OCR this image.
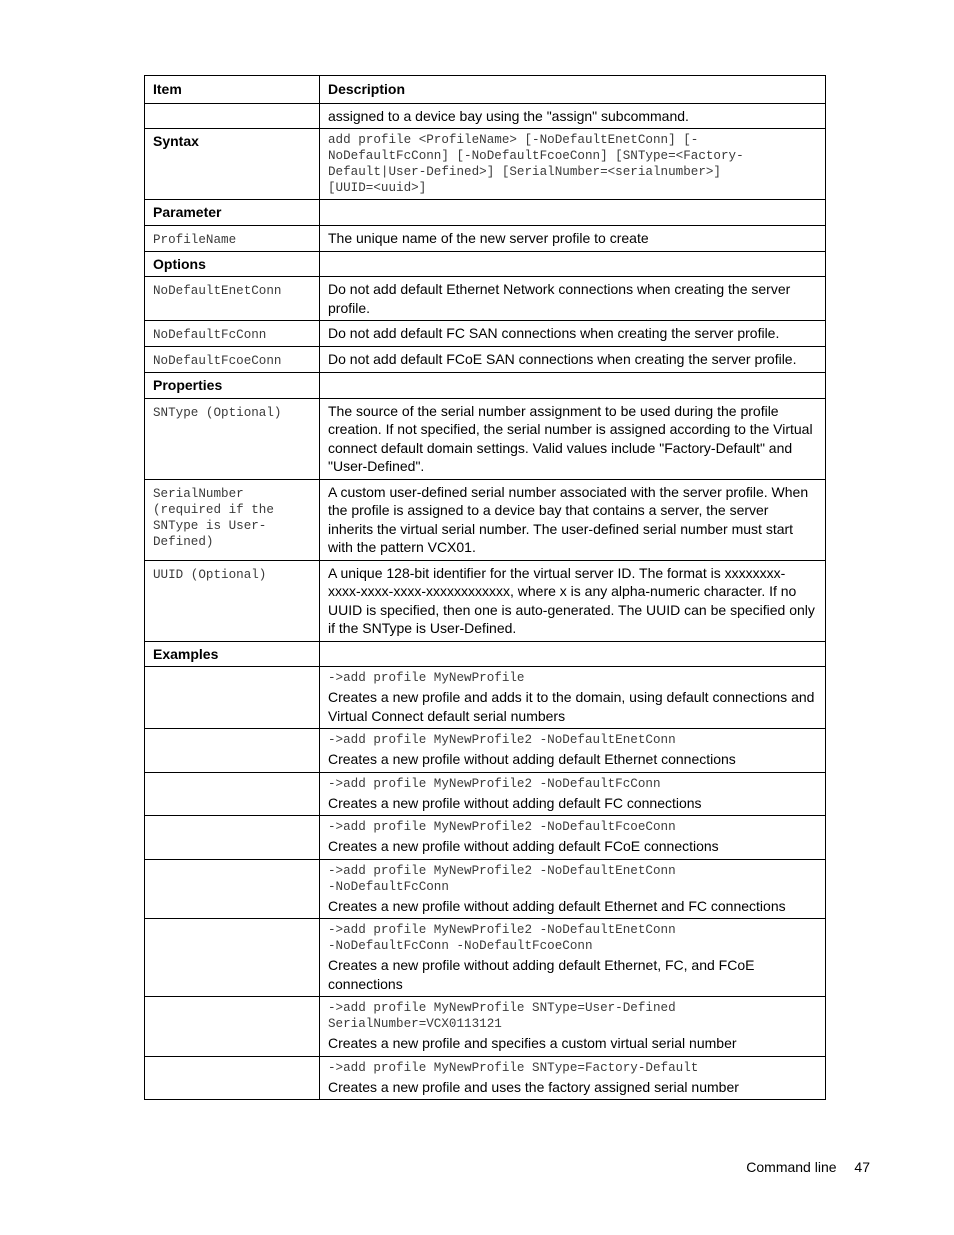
Item	Description
	assigned to a device bay using the "assign" subcommand.
Syntax	add profile <ProfileName> [-NoDefaultEnetConn] [-
NoDefaultFcConn] [-NoDefaultFcoeConn] [SNType=<Factory-
Default|User-Defined>] [SerialNumber=<serialnumber>]
[UUID=<uuid>]

Parameter	

ProfileName	The unique name of the new server profile to create
Options	

NoDefaultEnetConn	Do not add default Ethernet Network connections when creating the server profile.

NoDefaultFcConn	Do not add default FC SAN connections when creating the server profile.

NoDefaultFcoeConn	Do not add default FCoE SAN connections when creating the server profile.
Properties	

SNType (Optional)	The source of the serial number assignment to be used during the profile creation. If not specified, the serial number is assigned according to the Virtual connect default domain settings. Valid values include "Factory-Default" and "User-Defined".

SerialNumber (required if the SNType is User-Defined)	A custom user-defined serial number associated with the server profile. When the profile is assigned to a device bay that contains a server, the server inherits the virtual serial number. The user-defined serial number must start with the pattern VCX01.

UUID (Optional)	A unique 128-bit identifier for the virtual server ID. The format is xxxxxxxx-xxxx-xxxx-xxxx-xxxxxxxxxxxx, where x is any alpha-numeric character. If no UUID is specified, then one is auto-generated. The UUID can be specified only if the SNType is User-Defined.
Examples	

	->add profile MyNewProfile
Creates a new profile and adds it to the domain, using default connections and Virtual Connect default serial numbers

	->add profile MyNewProfile2 -NoDefaultEnetConn
Creates a new profile without adding default Ethernet connections

	->add profile MyNewProfile2 -NoDefaultFcConn
Creates a new profile without adding default FC connections

	->add profile MyNewProfile2 -NoDefaultFcoeConn
Creates a new profile without adding default FCoE connections

	->add profile MyNewProfile2 -NoDefaultEnetConn
-NoDefaultFcConn
Creates a new profile without adding default Ethernet and FC connections

	->add profile MyNewProfile2 -NoDefaultEnetConn
-NoDefaultFcConn -NoDefaultFcoeConn
Creates a new profile without adding default Ethernet, FC, and FCoE connections

	->add profile MyNewProfile SNType=User-Defined
SerialNumber=VCX0113121
Creates a new profile and specifies a custom virtual serial number

	->add profile MyNewProfile SNType=Factory-Default
Creates a new profile and uses the factory assigned serial number
Command line 47
